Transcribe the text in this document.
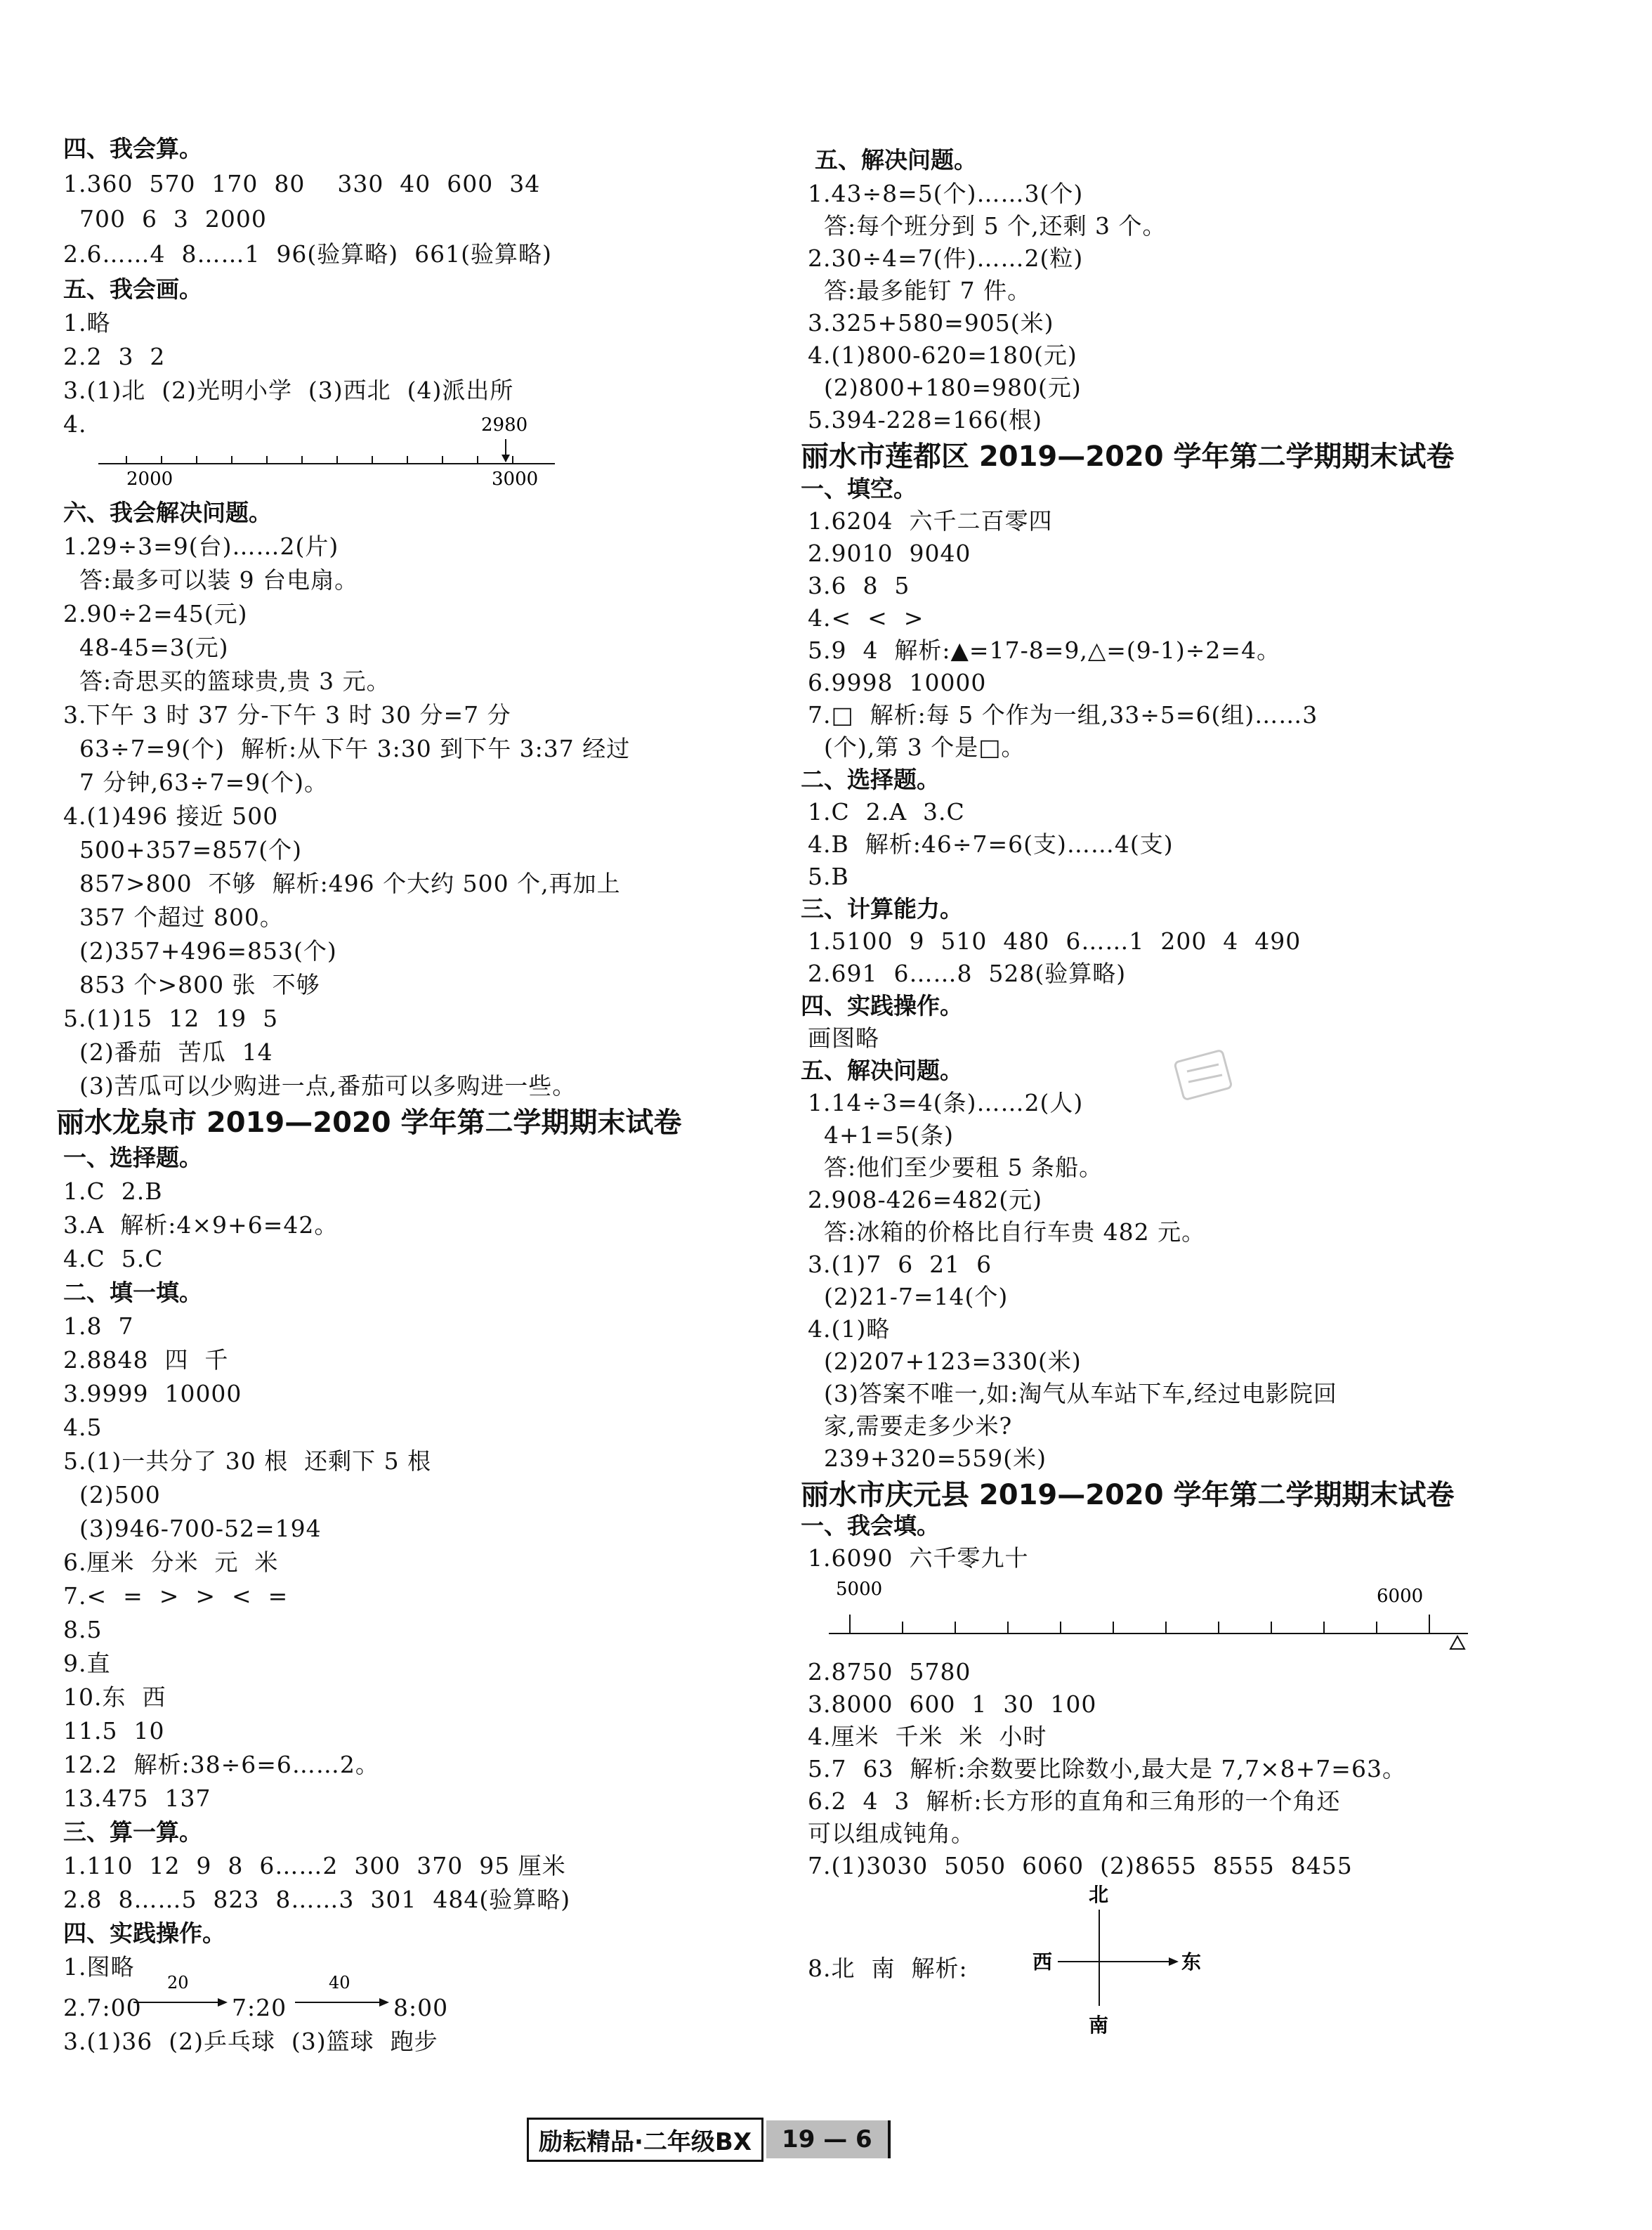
四、我会算。
1.360  570  170  80    330  40  600  34
700  6  3  2000
2.6……4  8……1  96(验算略)  661(验算略)
五、我会画。
1.略
2.2  3  2
3.(1)北  (2)光明小学  (3)西北  (4)派出所
4.	2980
2000	3000
六、我会解决问题。
1.29÷3=9(台)……2(片)
答:最多可以装 9 台电扇。
2.90÷2=45(元)
48-45=3(元)
答:奇思买的篮球贵,贵 3 元。
3.下午 3 时 37 分-下午 3 时 30 分=7 分
63÷7=9(个)  解析:从下午 3:30 到下午 3:37 经过
7 分钟,63÷7=9(个)。
4.(1)496 接近 500
500+357=857(个)
857>800  不够  解析:496 个大约 500 个,再加上
357 个超过 800。
(2)357+496=853(个)
853 个>800 张  不够
5.(1)15  12  19  5
(2)番茄  苦瓜  14
(3)苦瓜可以少购进一点,番茄可以多购进一些。
丽水龙泉市 2019—2020 学年第二学期期末试卷
一、选择题。
1.C  2.B
3.A  解析:4×9+6=42。
4.C  5.C
二、填一填。
1.8  7
2.8848  四  千
3.9999  10000
4.5
5.(1)一共分了 30 根  还剩下 5 根
(2)500
(3)946-700-52=194
6.厘米  分米  元  米
7.<  =  >  >  <  =
8.5
9.直
10.东  西
11.5  10
12.2  解析:38÷6=6……2。
13.475  137
三、算一算。
1.110  12  9  8  6……2  300  370  95 厘米
2.8  8……5  823  8……3  301  484(验算略)
四、实践操作。
1.图略
2.7:00
20
7:20
40
8:00
3.(1)36  (2)乒乓球  (3)篮球  跑步
五、解决问题。
1.43÷8=5(个)……3(个)
答:每个班分到 5 个,还剩 3 个。
2.30÷4=7(件)……2(粒)
答:最多能钉 7 件。
3.325+580=905(米)
4.(1)800-620=180(元)
(2)800+180=980(元)
5.394-228=166(根)
丽水市莲都区 2019—2020 学年第二学期期末试卷
一、填空。
1.6204  六千二百零四
2.9010  9040
3.6  8  5
4.<  <  >
5.9  4  解析:▲=17-8=9,△=(9-1)÷2=4。
6.9998  10000
7.□  解析:每 5 个作为一组,33÷5=6(组)……3
(个),第 3 个是□。
二、选择题。
1.C  2.A  3.C
4.B  解析:46÷7=6(支)……4(支)
5.B
三、计算能力。
1.5100  9  510  480  6……1  200  4  490
2.691  6……8  528(验算略)
四、实践操作。
画图略
五、解决问题。
1.14÷3=4(条)……2(人)
4+1=5(条)
答:他们至少要租 5 条船。
2.908-426=482(元)
答:冰箱的价格比自行车贵 482 元。
3.(1)7  6  21  6
(2)21-7=14(个)
4.(1)略
(2)207+123=330(米)
(3)答案不唯一,如:淘气从车站下车,经过电影院回
家,需要走多少米?
239+320=559(米)
丽水市庆元县 2019—2020 学年第二学期期末试卷
一、我会填。
1.6090  六千零九十
5000	6000
2.8750  5780
3.8000  600  1  30  100
4.厘米  千米  米  小时
5.7  63  解析:余数要比除数小,最大是 7,7×8+7=63。
6.2  4  3  解析:长方形的直角和三角形的一个角还
可以组成钝角。
7.(1)3030  5050  6060  (2)8655  8555  8455
8.北  南  解析:
北
西	东
南
励耘精品·二年级BX	19 — 6
